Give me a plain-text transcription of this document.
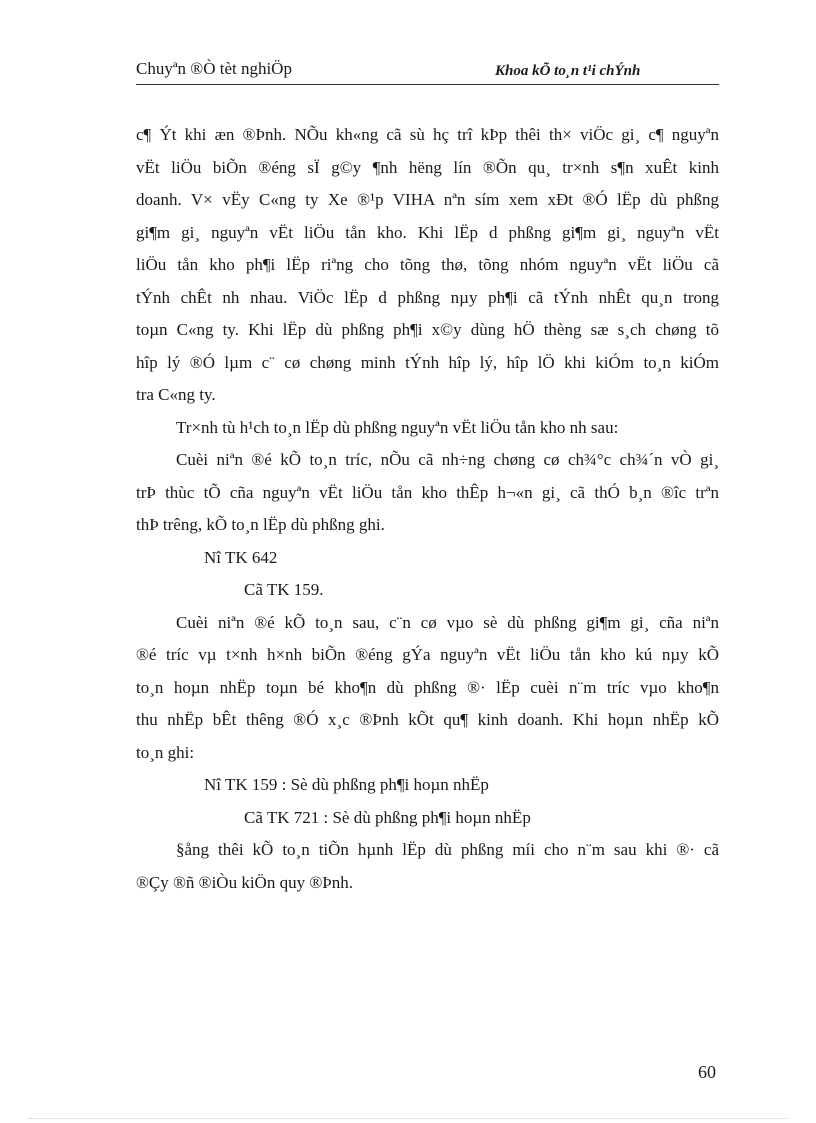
Chuyªn ®Ò tèt nghiÖp	Khoa kÕ to¸n t¹i chÝnh
c¶ Ýt khi æn ®Þnh. NÕu kh«ng cã sù hç trî kÞp thêi th× viÖc gi¸ c¶ nguyªn
vËt liÖu biÕn ®éng sÏ g©y ¶nh hëng lín ®Õn qu¸ tr×nh s¶n xuÊt kinh
doanh. V× vËy C«ng ty Xe ®¹p VIHA nªn sím xem xÐt ®Ó lËp dù phßng
gi¶m gi¸ nguyªn vËt liÖu tån kho. Khi lËp d phßng gi¶m gi¸ nguyªn vËt
liÖu tån kho ph¶i lËp riªng cho tõng thø, tõng nhóm nguyªn vËt liÖu cã
tÝnh chÊt nh nhau. ViÖc lËp d phßng nµy ph¶i cã tÝnh nhÊt qu¸n trong
toµn C«ng ty. Khi lËp dù phßng ph¶i x©y dùng hÖ thèng sæ s¸ch chøng tõ
hîp lý ®Ó lµm c¨ cø chøng minh tÝnh hîp lý, hîp lÖ khi kiÓm to¸n kiÓm
tra C«ng ty.
Tr×nh tù h¹ch to¸n lËp dù phßng nguyªn vËt liÖu tån kho nh sau:
Cuèi niªn ®é kÕ to¸n tríc, nÕu cã nh÷ng chøng cø ch¾°c ch¾´n vÒ gi¸
trÞ thùc tÕ cña nguyªn vËt liÖu tån kho thÊp h¬«n gi¸ cã thÓ b¸n ®îc trªn
thÞ trêng, kÕ to¸n lËp dù phßng ghi.
Nî TK 642
Cã TK 159.
Cuèi niªn ®é kÕ to¸n sau, c¨n cø vµo sè dù phßng gi¶m gi¸ cña niªn
®é tríc vµ t×nh h×nh biÕn ®éng gÝa nguyªn vËt liÖu tån kho kú nµy kÕ
to¸n hoµn nhËp toµn bé kho¶n dù phßng ®· lËp cuèi n¨m tríc vµo kho¶n
thu nhËp bÊt thêng ®Ó x¸c ®Þnh kÕt qu¶ kinh doanh. Khi hoµn nhËp kÕ
to¸n ghi:
Nî TK 159 : Sè dù phßng ph¶i hoµn nhËp
Cã TK 721 : Sè dù phßng ph¶i hoµn nhËp
§ång thêi kÕ to¸n tiÕn hµnh lËp dù phßng míi cho n¨m sau khi ®· cã
®Çy ®ñ ®iÒu kiÖn quy ®Þnh.
60
